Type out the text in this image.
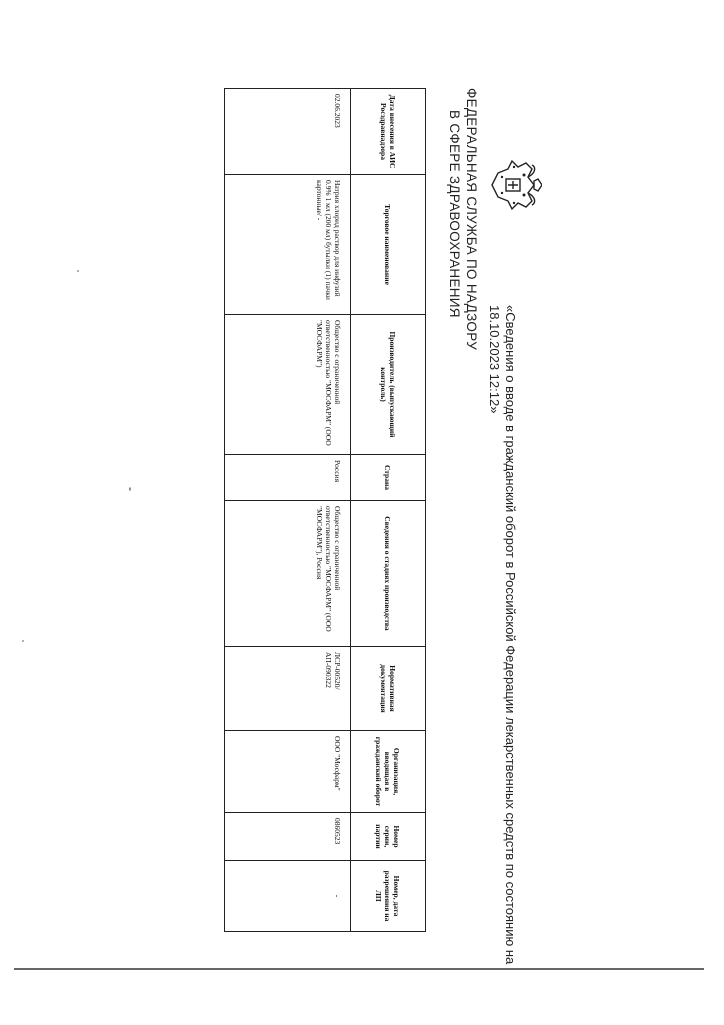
ФЕДЕРАЛЬНАЯ СЛУЖБА ПО НАДЗОРУ
В СФЕРЕ ЗДРАВООХРАНЕНИЯ
«Сведения о вводе в гражданский оборот в Российской Федерации лекарственных средств по состоянию на 18.10.2023 12:12»
Дата внесения в АИС Росздравнадзора	Торговое наименование	Производитель (выпускающий контроль)	Страна	Сведения о стадиях производства	Нормативная документация	Организация, вводящая в гражданский оборот	Номер серии, партии	Номер, дата разрешения на ЛП
02.06.2023	Натрия хлорид раствор для инфузий 0.9% 1 мл (200 мл) бутылки (1) пачки картонные/ -	Общество с ограниченной ответственностью "МОСФАРМ" (ООО "МОСФАРМ")	Россия	Общество с ограниченной ответственностью "МОСФАРМ" (ООО "МОСФАРМ"), Россия	ЛСР-00520/АП-090322	ООО "Мосфарм"	0860523	-
-
